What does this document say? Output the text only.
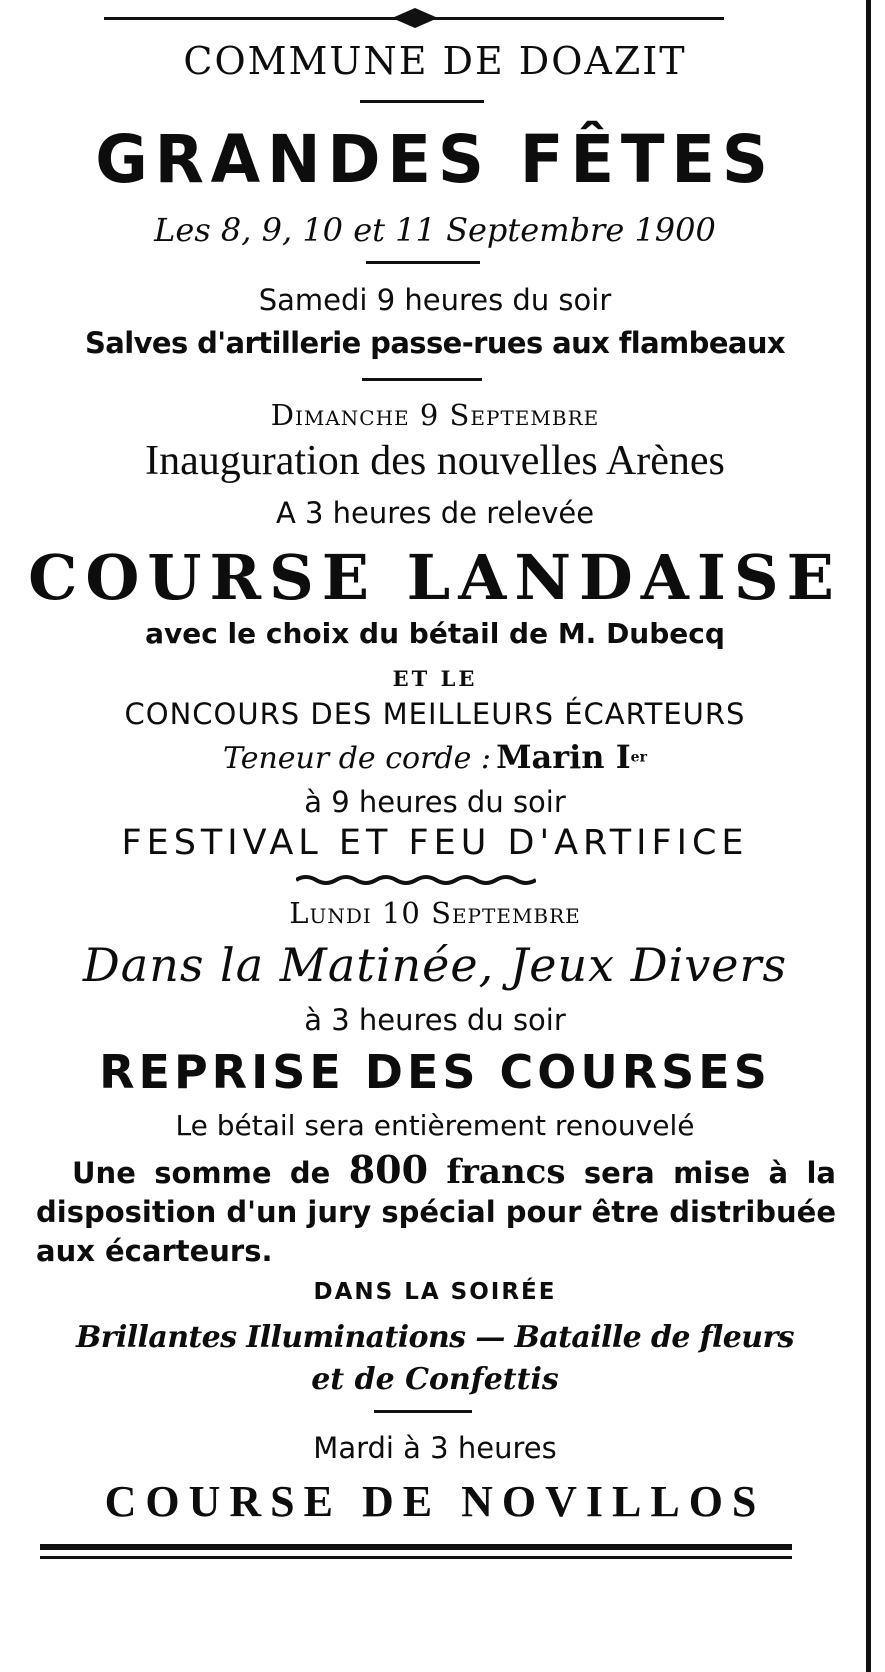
COMMUNE DE DOAZIT
GRANDES FÊTES
Les 8, 9, 10 et 11 Septembre 1900
Samedi 9 heures du soir
Salves d'artillerie passe-rues aux flambeaux
Dimanche 9 Septembre
Inauguration des nouvelles Arènes
A 3 heures de relevée
COURSE LANDAISE
avec le choix du bétail de M. Dubecq
ET LE
CONCOURS DES MEILLEURS ÉCARTEURS
Teneur de corde : Marin Ier
à 9 heures du soir
FESTIVAL ET FEU D'ARTIFICE
Lundi 10 Septembre
Dans la Matinée, Jeux Divers
à 3 heures du soir
REPRISE DES COURSES
Le bétail sera entièrement renouvelé
Une somme de 800 francs sera mise à la disposition d'un jury spécial pour être distribuée aux écarteurs.
DANS LA SOIRÉE
Brillantes Illuminations — Bataille de fleurs
et de Confettis
Mardi à 3 heures
COURSE DE NOVILLOS
